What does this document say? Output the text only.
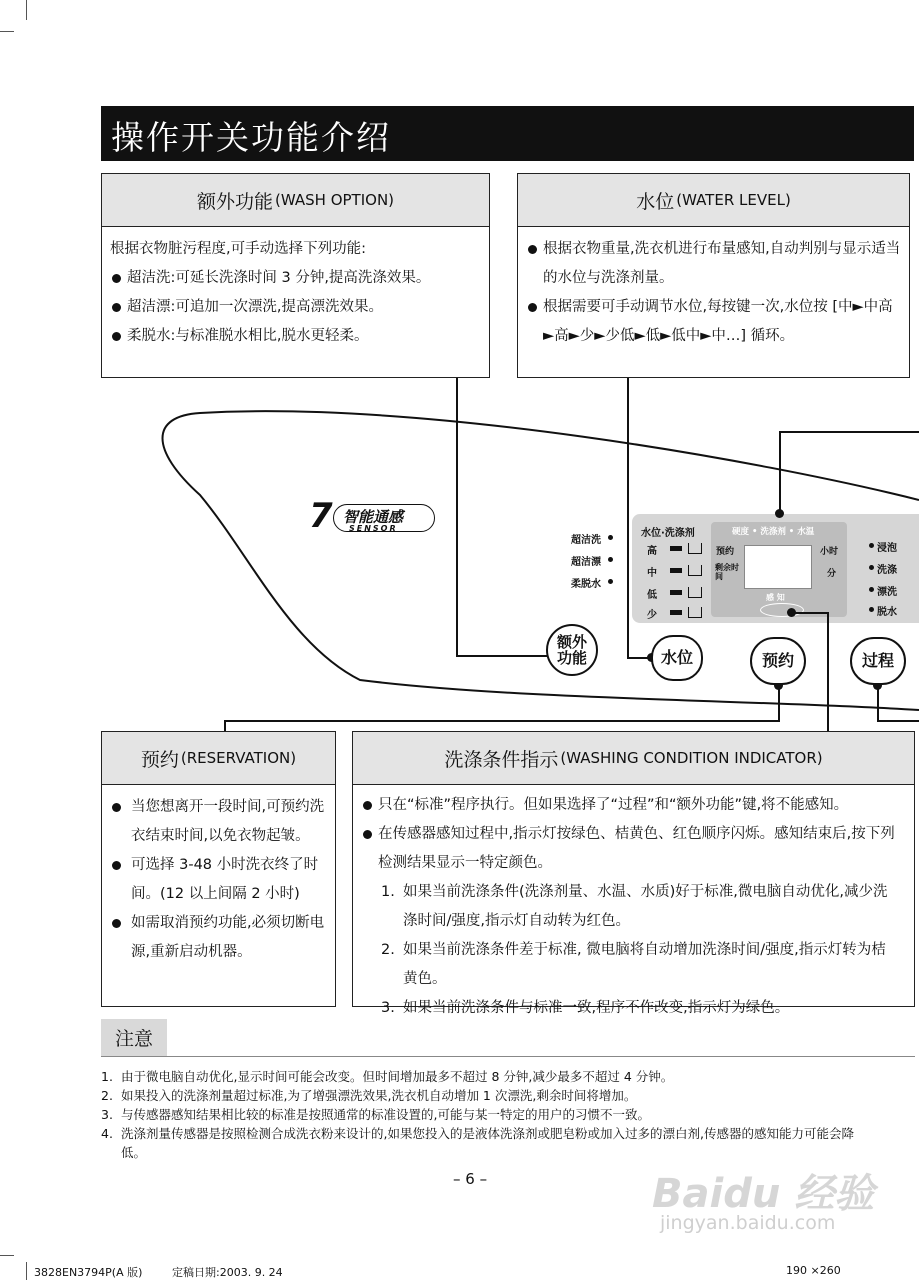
操作开关功能介绍
额外功能 (WASH OPTION)
根据衣物脏污程度,可手动选择下列功能:
超洁洗:可延长洗涤时间 3 分钟,提高洗涤效果。
超洁漂:可追加一次漂洗,提高漂洗效果。
柔脱水:与标准脱水相比,脱水更轻柔。
水位 (WATER LEVEL)
根据衣物重量,洗衣机进行布量感知,自动判别与显示适当的水位与洗涤剂量。
根据需要可手动调节水位,每按键一次,水位按 [中►中高►高►少►少低►低►低中►中…] 循环。
7 智能通感
SENSOR
超洁洗
超洁漂
柔脱水
水位·洗涤剂
高
中
低
少
硬度 • 洗涤剂 • 水温
预约
剩余时间
小时
分
感 知
浸泡
洗涤
漂洗
脱水
额外功能	水位	预约	过程
预约 (RESERVATION)
当您想离开一段时间,可预约洗衣结束时间,以免衣物起皱。
可选择 3-48 小时洗衣终了时间。(12 以上间隔 2 小时)
如需取消预约功能,必须切断电源,重新启动机器。
洗涤条件指示 (WASHING CONDITION INDICATOR)
只在“标准”程序执行。但如果选择了“过程”和“额外功能”键,将不能感知。
在传感器感知过程中,指示灯按绿色、桔黄色、红色顺序闪烁。感知结束后,按下列检测结果显示一特定颜色。
1. 如果当前洗涤条件(洗涤剂量、水温、水质)好于标准,微电脑自动优化,减少洗涤时间/强度,指示灯自动转为红色。
2. 如果当前洗涤条件差于标准, 微电脑将自动增加洗涤时间/强度,指示灯转为桔黄色。
3. 如果当前洗涤条件与标准一致,程序不作改变,指示灯为绿色。
注意
1. 由于微电脑自动优化,显示时间可能会改变。但时间增加最多不超过 8 分钟,减少最多不超过 4 分钟。
2. 如果投入的洗涤剂量超过标准,为了增强漂洗效果,洗衣机自动增加 1 次漂洗,剩余时间将增加。
3. 与传感器感知结果相比较的标准是按照通常的标准设置的,可能与某一特定的用户的习惯不一致。
4. 洗涤剂量传感器是按照检测合成洗衣粉来设计的,如果您投入的是液体洗涤剂或肥皂粉或加入过多的漂白剂,传感器的感知能力可能会降低。
– 6 –	Baidu 经验
jingyan.baidu.com
3828EN3794P(A 版)	定稿日期:2003. 9. 24	190 ×260
